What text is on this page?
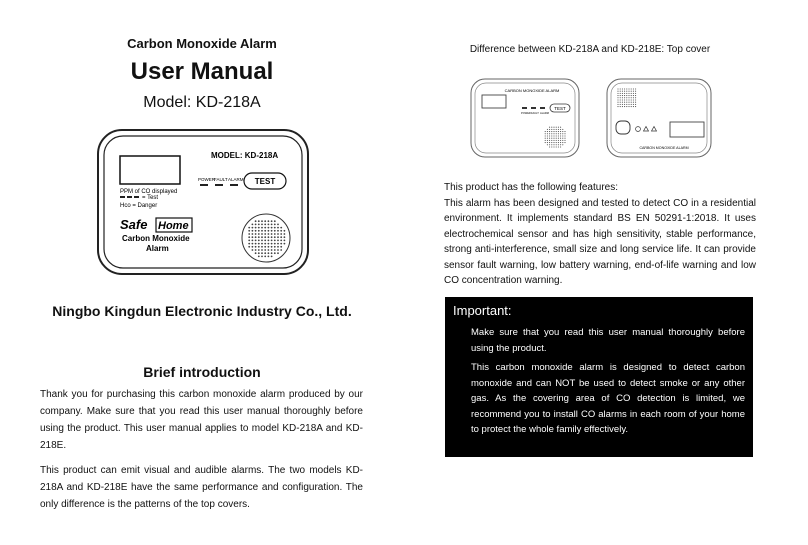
Carbon Monoxide Alarm
User Manual
Model: KD-218A
MODEL: KD-218A
POWER
FAULT ALARM TEST
PPM of CO displayed
= Test
Hco = Danger
Safe Home
Carbon Monoxide
Alarm
Ningbo Kingdun Electronic Industry Co., Ltd.
Brief introduction
Thank you for purchasing this carbon monoxide alarm produced by our company. Make sure that you read this user manual thoroughly before using the product. This user manual applies to model KD-218A and KD-218E.
This product can emit visual and audible alarms. The two models KD-218A and KD-218E have the same performance and configuration. The only difference is the patterns of the top covers.
Difference between KD-218A and KD-218E: Top cover
CARBON MONOXIDE ALARM
POWER FAULT ALARM
TEST
CARBON MONOXIDE ALARM
This product has the following features:
This alarm has been designed and tested to detect CO in a residential environment. It implements standard BS EN 50291-1:2018. It uses electrochemical sensor and has high sensitivity, stable performance, strong anti-interference, small size and long service life. It can provide sensor fault warning, low battery warning, end-of-life warning and low CO concentration warning.
Important:
Make sure that you read this user manual thoroughly before using the product.
This carbon monoxide alarm is designed to detect carbon monoxide and can NOT be used to detect smoke or any other gas. As the covering area of CO detection is limited, we recommend you to install CO alarms in each room of your home to protect the whole family effectively.
